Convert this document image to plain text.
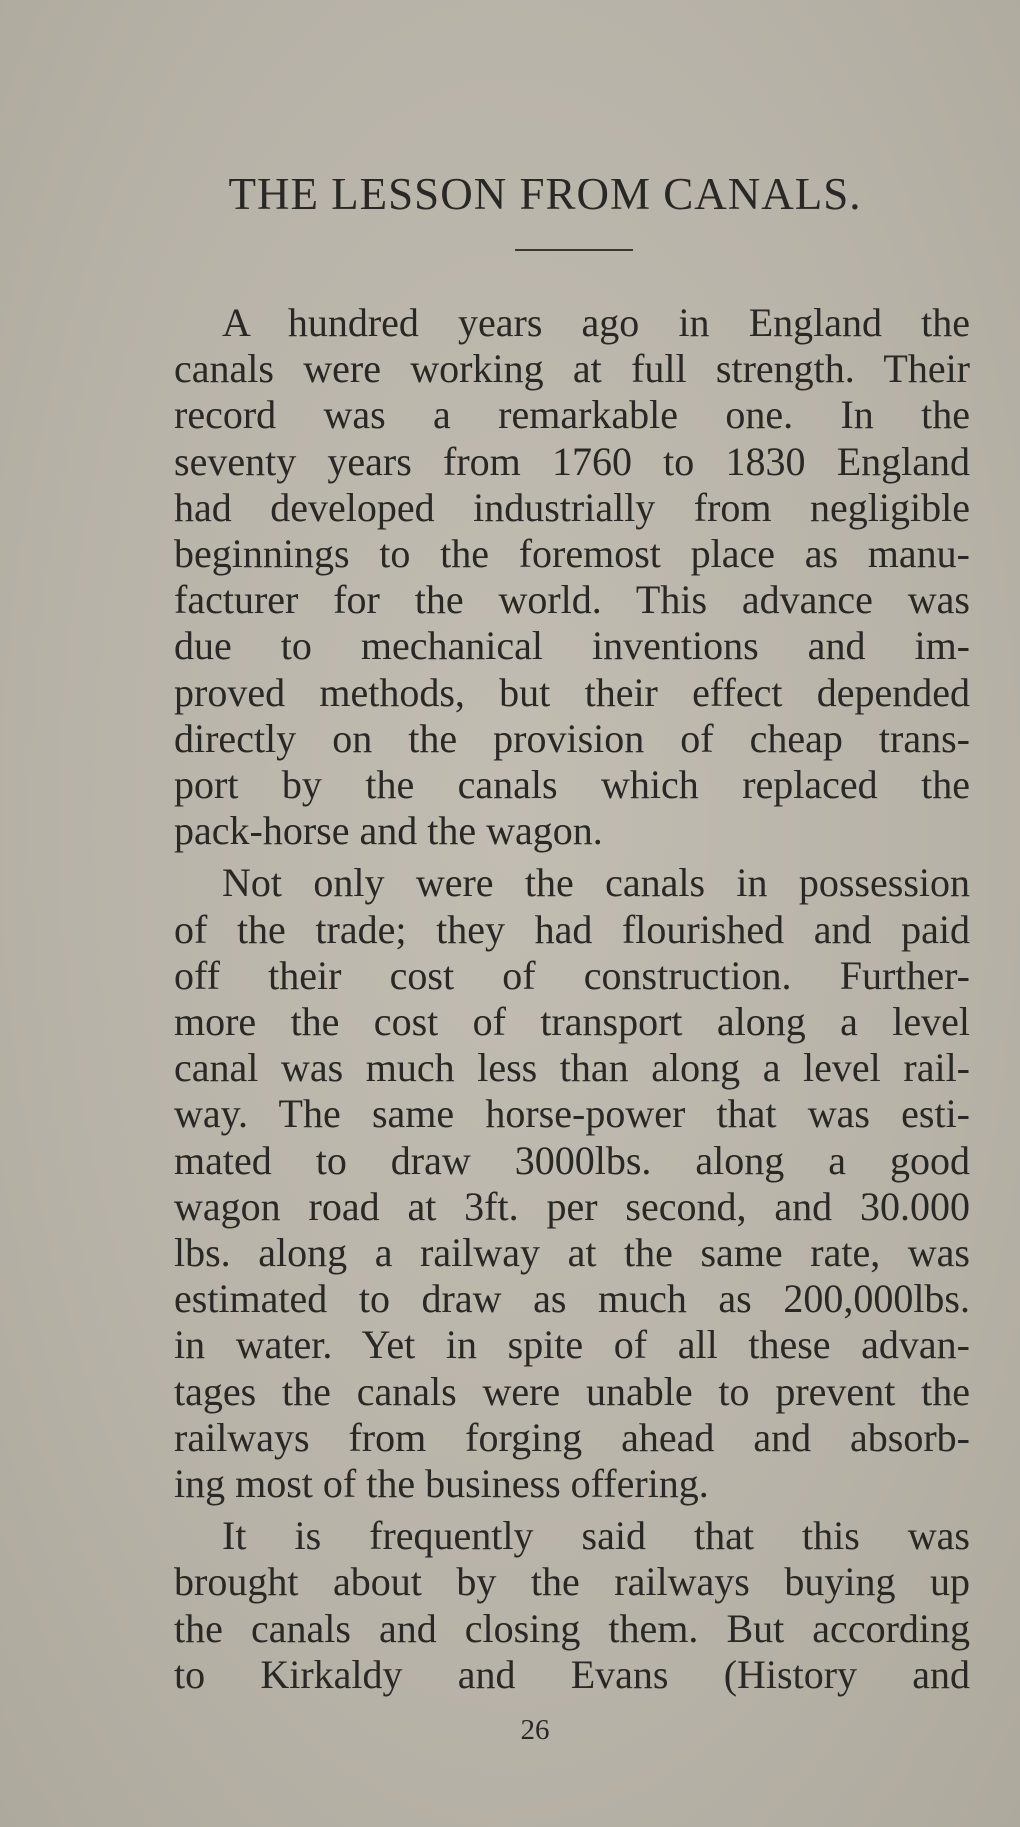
THE LESSON FROM CANALS.
A hundred years ago in England the
canals were working at full strength. Their
record was a remarkable one. In the
seventy years from 1760 to 1830 England
had developed industrially from negligible
beginnings to the foremost place as manu-
facturer for the world. This advance was
due to mechanical inventions and im-
proved methods, but their effect depended
directly on the provision of cheap trans-
port by the canals which replaced the
pack-horse and the wagon.
Not only were the canals in possession
of the trade; they had flourished and paid
off their cost of construction. Further-
more the cost of transport along a level
canal was much less than along a level rail-
way. The same horse-power that was esti-
mated to draw 3000lbs. along a good
wagon road at 3ft. per second, and 30.000
lbs. along a railway at the same rate, was
estimated to draw as much as 200,000lbs.
in water. Yet in spite of all these advan-
tages the canals were unable to prevent the
railways from forging ahead and absorb-
ing most of the business offering.
It is frequently said that this was
brought about by the railways buying up
the canals and closing them. But according
to Kirkaldy and Evans (History and
26
